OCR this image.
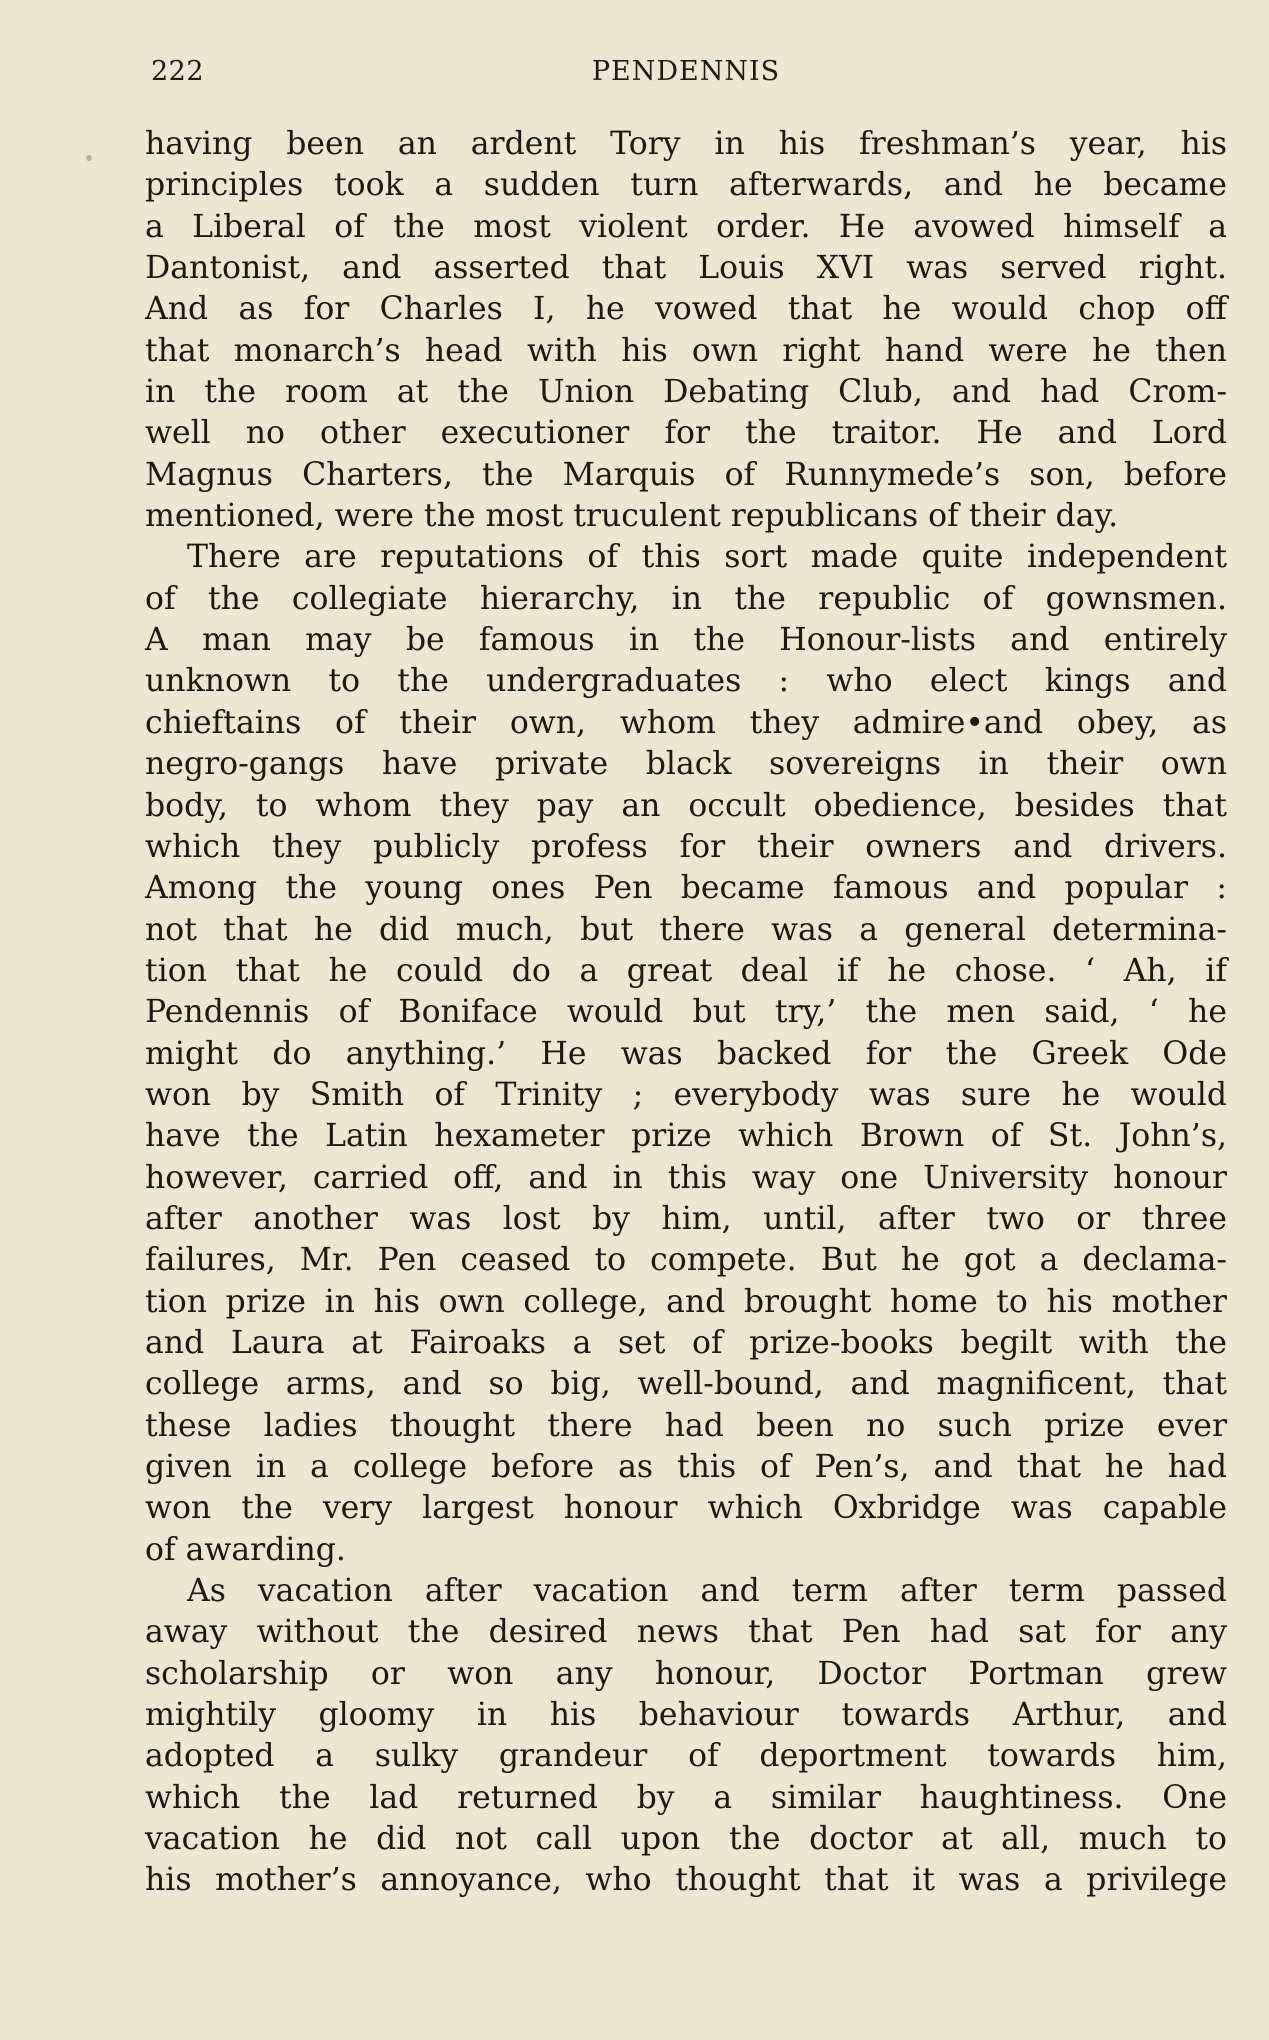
222	PENDENNIS
having been an ardent Tory in his freshman’s year, his
principles took a sudden turn afterwards, and he became
a Liberal of the most violent order. He avowed himself a
Dantonist, and asserted that Louis XVI was served right.
And as for Charles I, he vowed that he would chop off
that monarch’s head with his own right hand were he then
in the room at the Union Debating Club, and had Crom-
well no other executioner for the traitor. He and Lord
Magnus Charters, the Marquis of Runnymede’s son, before
mentioned, were the most truculent republicans of their day.
There are reputations of this sort made quite independent
of the collegiate hierarchy, in the republic of gownsmen.
A man may be famous in the Honour-lists and entirely
unknown to the undergraduates : who elect kings and
chieftains of their own, whom they admire•and obey, as
negro-gangs have private black sovereigns in their own
body, to whom they pay an occult obedience, besides that
which they publicly profess for their owners and drivers.
Among the young ones Pen became famous and popular :
not that he did much, but there was a general determina-
tion that he could do a great deal if he chose. ‘ Ah, if
Pendennis of Boniface would but try,’ the men said, ‘ he
might do anything.’ He was backed for the Greek Ode
won by Smith of Trinity ; everybody was sure he would
have the Latin hexameter prize which Brown of St. John’s,
however, carried off, and in this way one University honour
after another was lost by him, until, after two or three
failures, Mr. Pen ceased to compete. But he got a declama-
tion prize in his own college, and brought home to his mother
and Laura at Fairoaks a set of prize-books begilt with the
college arms, and so big, well-bound, and magnificent, that
these ladies thought there had been no such prize ever
given in a college before as this of Pen’s, and that he had
won the very largest honour which Oxbridge was capable
of awarding.
As vacation after vacation and term after term passed
away without the desired news that Pen had sat for any
scholarship or won any honour, Doctor Portman grew
mightily gloomy in his behaviour towards Arthur, and
adopted a sulky grandeur of deportment towards him,
which the lad returned by a similar haughtiness. One
vacation he did not call upon the doctor at all, much to
his mother’s annoyance, who thought that it was a privilege
